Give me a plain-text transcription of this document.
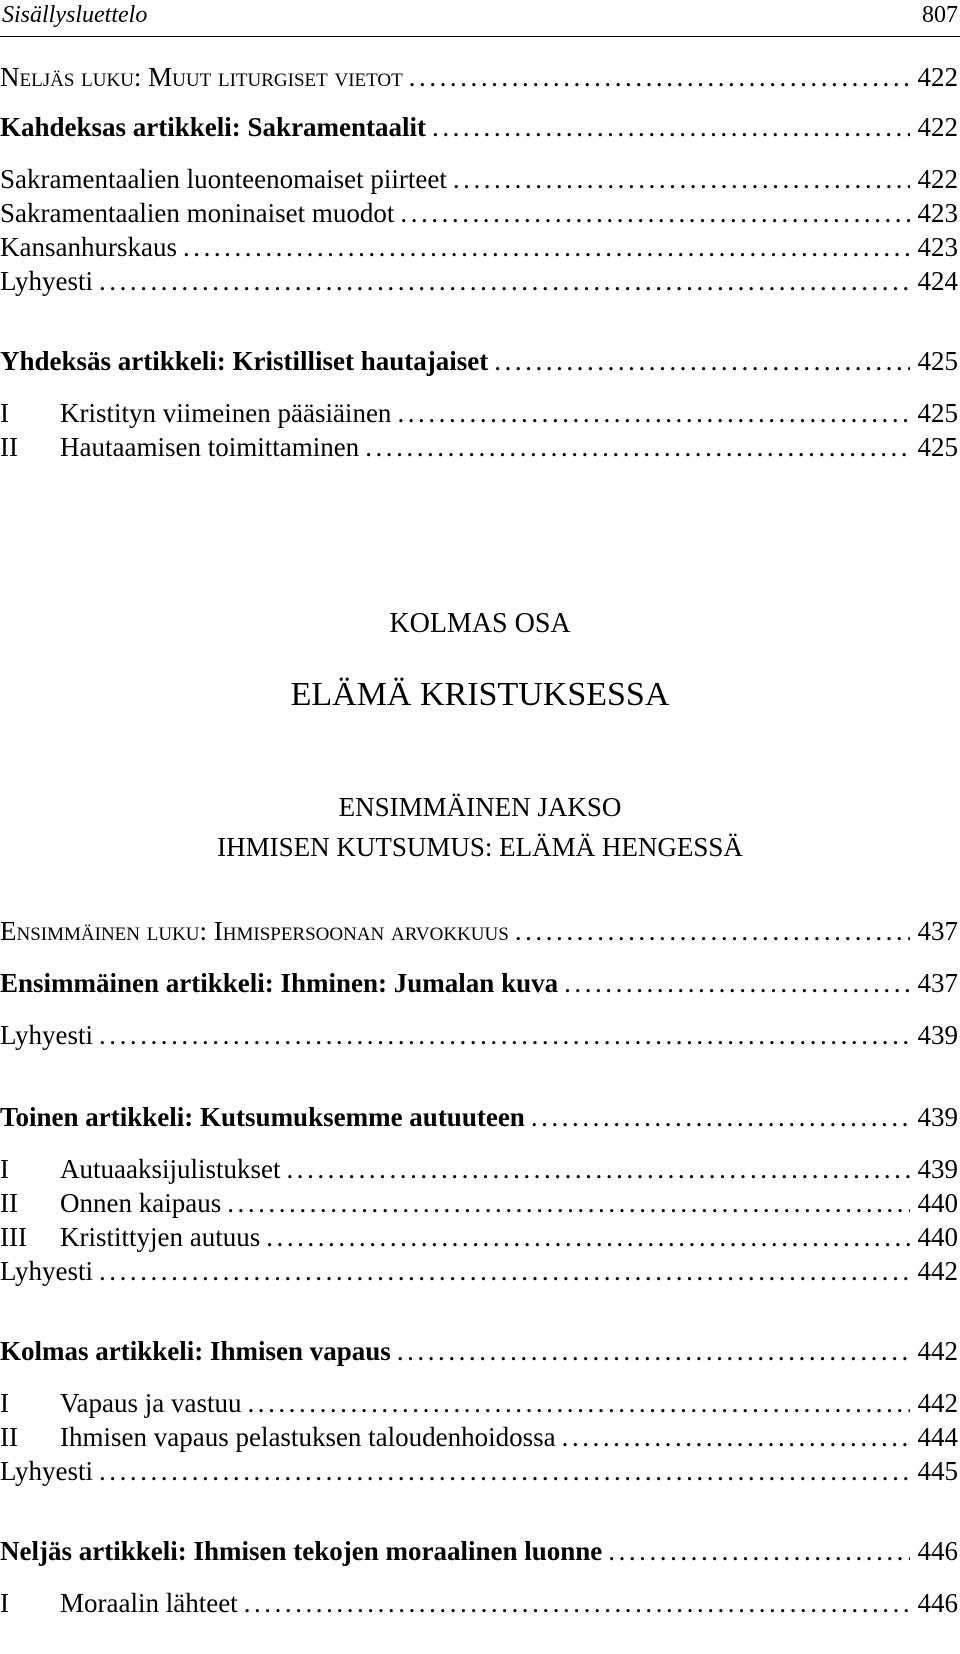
Sisällysluettelo	807
Neljäs luku: Muut liturgiset vietot . . .	422
Kahdeksas artikkeli: Sakramentaalit . . .	422
Sakramentaalien luonteenomaiset piirteet . . .	422
Sakramentaalien moninaiset muodot . . .	423
Kansanhurskaus . . .	423
Lyhyesti . . .	424
Yhdeksäs artikkeli: Kristilliset hautajaiset . . .	425
I Kristityn viimeinen pääsiäinen . . .	425
II Hautaamisen toimittaminen . . .	425
KOLMAS OSA
ELÄMÄ KRISTUKSESSA
ENSIMMÄINEN JAKSO
IHMISEN KUTSUMUS: ELÄMÄ HENGESSÄ
Ensimmäinen luku: Ihmispersoonan arvokkuus . . .	437
Ensimmäinen artikkeli: Ihminen: Jumalan kuva . . .	437
Lyhyesti . . .	439
Toinen artikkeli: Kutsumuksemme autuuteen . . .	439
I Autuaaksijulistukset . . .	439
II Onnen kaipaus . . .	440
III Kristittyjen autuus . . .	440
Lyhyesti . . .	442
Kolmas artikkeli: Ihmisen vapaus . . .	442
I Vapaus ja vastuu . . .	442
II Ihmisen vapaus pelastuksen taloudenhoidossa . . .	444
Lyhyesti . . .	445
Neljäs artikkeli: Ihmisen tekojen moraalinen luonne . . .	446
I Moraalin lähteet . . .	446
